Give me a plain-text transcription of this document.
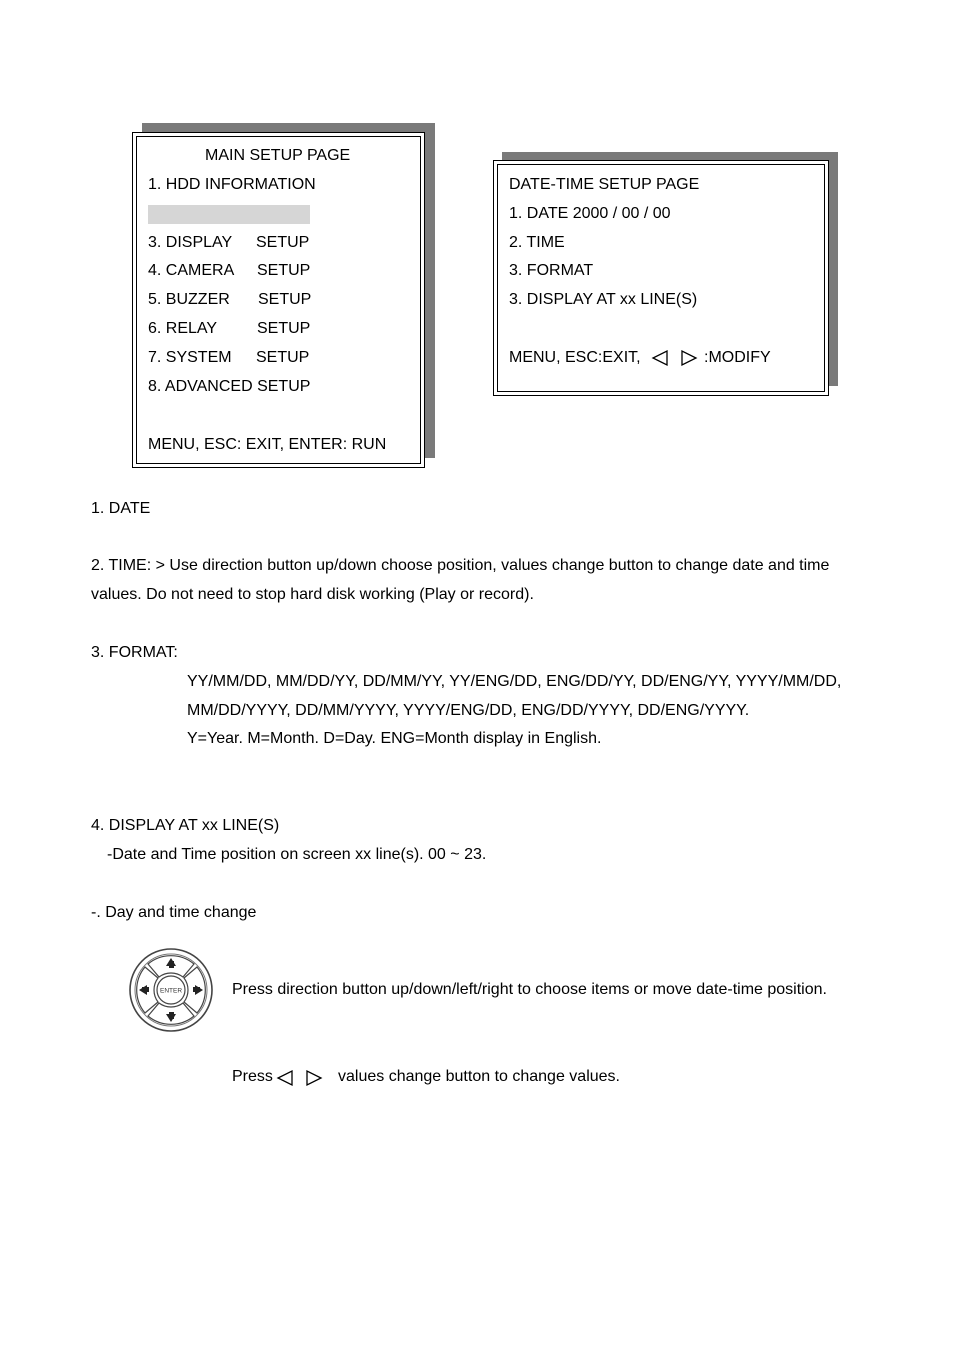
MAIN SETUP PAGE
1. HDD INFORMATION
3. DISPLAY SETUP
4. CAMERA SETUP
5. BUZZER SETUP
6. RELAY SETUP
7. SYSTEM SETUP
8. ADVANCED SETUP
MENU, ESC: EXIT, ENTER: RUN
DATE-TIME SETUP PAGE
1. DATE 2000 / 00 / 00
2. TIME
3. FORMAT
3. DISPLAY AT xx LINE(S)
MENU, ESC:EXIT,	:MODIFY
1. DATE
2. TIME: > Use direction button up/down choose position, values change button to change date and time
values. Do not need to stop hard disk working (Play or record).
3. FORMAT:
YY/MM/DD, MM/DD/YY, DD/MM/YY, YY/ENG/DD, ENG/DD/YY, DD/ENG/YY, YYYY/MM/DD,
MM/DD/YYYY, DD/MM/YYYY, YYYY/ENG/DD, ENG/DD/YYYY, DD/ENG/YYYY.
Y=Year. M=Month. D=Day. ENG=Month display in English.
4. DISPLAY AT xx LINE(S)
-Date and Time position on screen xx line(s). 00 ~ 23.
-. Day and time change
ENTER	Press direction button up/down/left/right to choose items or move date-time position.
Press	values change button to change values.
